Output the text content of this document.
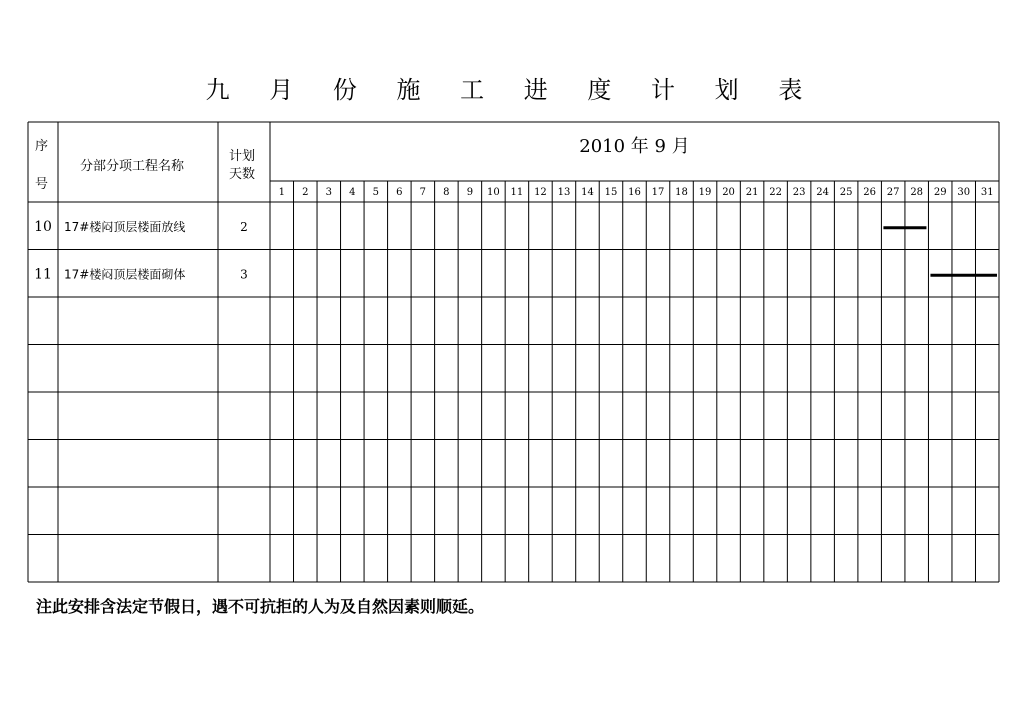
九 月 份 施 工 进 度 计 划 表
1 2 3 4 5 6 7 8 9 10 11 12 13 14 15 16 17 18 19 20 21 22 23 24 25 26 27 28 29 30 31
10 17#楼闷顶层楼面放线	2
11 17#楼闷顶层楼面砌体	3
序
号
分部分项工程名称
计划
天数
2010 年 9 月
注此安排含法定节假日，遇不可抗拒的人为及自然因素则顺延。
